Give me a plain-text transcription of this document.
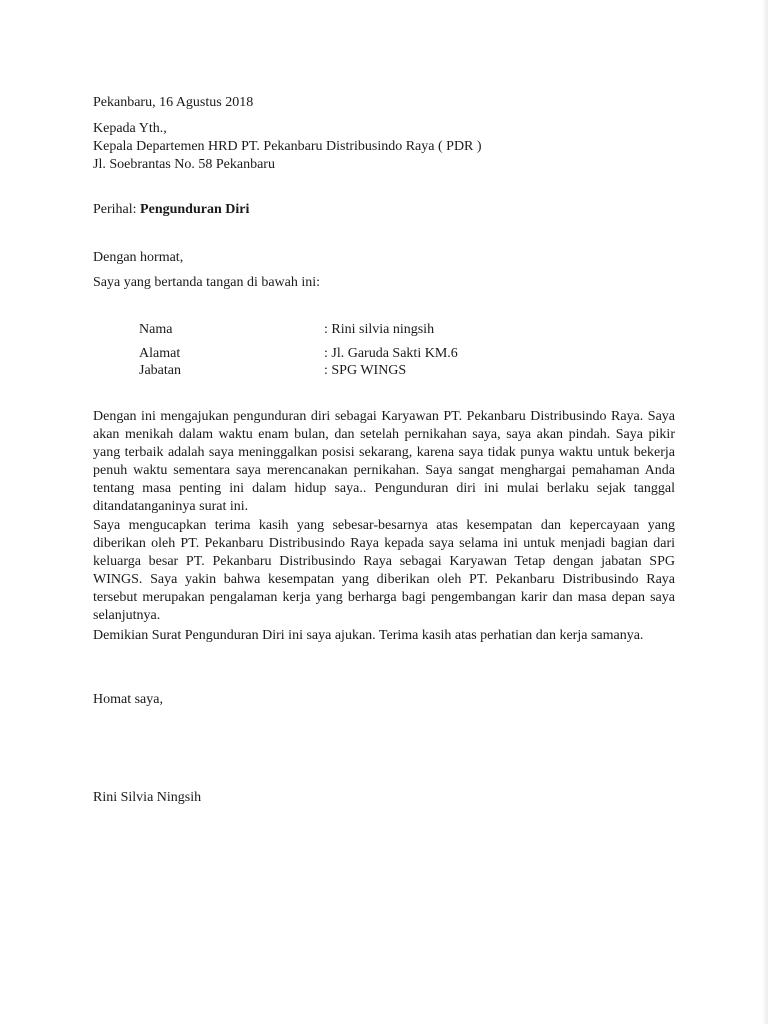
Pekanbaru, 16 Agustus 2018

Kepada Yth.,
Kepala Departemen HRD PT. Pekanbaru Distribusindo Raya ( PDR )
Jl. Soebrantas No. 58 Pekanbaru

Perihal: Pengunduran Diri

Dengan hormat,

Saya yang bertanda tangan di bawah ini:

Nama	: Rini silvia ningsih
Alamat	: Jl. Garuda Sakti KM.6
Jabatan	: SPG WINGS

Dengan ini mengajukan pengunduran diri sebagai Karyawan PT. Pekanbaru Distribusindo Raya. Saya akan menikah dalam waktu enam bulan, dan setelah pernikahan saya, saya akan pindah. Saya pikir yang terbaik adalah saya meninggalkan posisi sekarang, karena saya tidak punya waktu untuk bekerja penuh waktu sementara saya merencanakan pernikahan. Saya sangat menghargai pemahaman Anda tentang masa penting ini dalam hidup saya.. Pengunduran diri ini mulai berlaku sejak tanggal ditandatanganinya surat ini.

Saya mengucapkan terima kasih yang sebesar-besarnya atas kesempatan dan kepercayaan yang diberikan oleh PT. Pekanbaru Distribusindo Raya kepada saya selama ini untuk menjadi bagian dari keluarga besar PT. Pekanbaru Distribusindo Raya sebagai Karyawan Tetap dengan jabatan SPG WINGS. Saya yakin bahwa kesempatan yang diberikan oleh PT. Pekanbaru Distribusindo Raya tersebut merupakan pengalaman kerja yang berharga bagi pengembangan karir dan masa depan saya selanjutnya.

Demikian Surat Pengunduran Diri ini saya ajukan. Terima kasih atas perhatian dan kerja samanya.

Homat saya,

Rini Silvia Ningsih
